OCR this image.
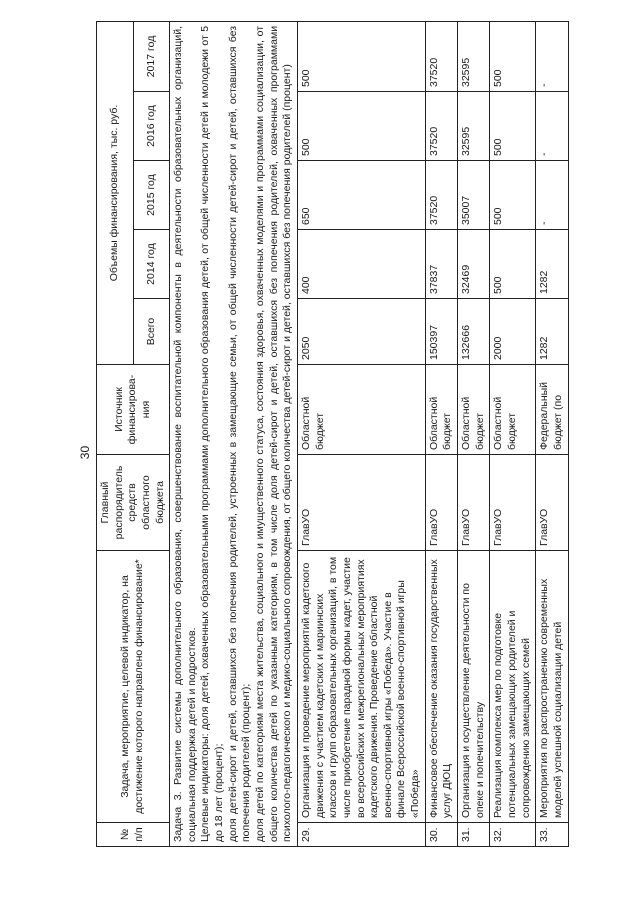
30
№ п/п	Задача, мероприятие, целевой индикатор, на достижение которого направлено финансирование*	Главный распорядитель средств областного бюджета	Источник финансирова-ния	Объемы финансирования, тыс. руб.				
				Всего	2014 год	2015 год	2016 год	2017 год

Задача 3. Развитие системы дополнительного образования, совершенствование воспитательной компоненты в деятельности образовательных организаций, социальная поддержка детей и подростков. Целевые индикаторы: доля детей, охваченных образовательными программами дополнительного образования детей, от общей численности детей и молодежи от 5 до 18 лет (процент); доля детей-сирот и детей, оставшихся без попечения родителей, устроенных в замещающие семьи, от общей численности детей-сирот и детей, оставшихся без попечения родителей (процент); доля детей по категориям места жительства, социального и имущественного статуса, состояния здоровья, охваченных моделями и программами социализации, от общего количества детей по указанным категориям, в том числе доля детей-сирот и детей, оставшихся без попечения родителей, охваченных программами психолого-педагогического и медико-социального сопровождения, от общего количества детей-сирот и детей, оставшихся без попечения родителей (процент)								

29.	Организация и проведение мероприятий кадетского движения с участием кадетских и мариинских классов и групп образовательных организаций, в том числе приобретение парадной формы кадет, участие во всероссийских и межрегиональных мероприятиях кадетского движения. Проведение областной военно-спортивной игры «Победа». Участие в финале Всероссийской военно-спортивной игры «Победа»	ГлавУО	Областной бюджет	2050	400	650	500	500
30.	Финансовое обеспечение оказания государственных услуг ДЮЦ	ГлавУО	Областной бюджет	150397	37837	37520	37520	37520
31.	Организация и осуществление деятельности по опеке и попечительству	ГлавУО	Областной бюджет	132666	32469	35007	32595	32595
32.	Реализация комплекса мер по подготовке потенциальных замещающих родителей и сопровождению замещающих семей	ГлавУО	Областной бюджет	2000	500	500	500	500
33.	Мероприятия по распространению современных моделей успешной социализации детей	ГлавУО	Федеральный бюджет (по	1282	1282	-	-	-
